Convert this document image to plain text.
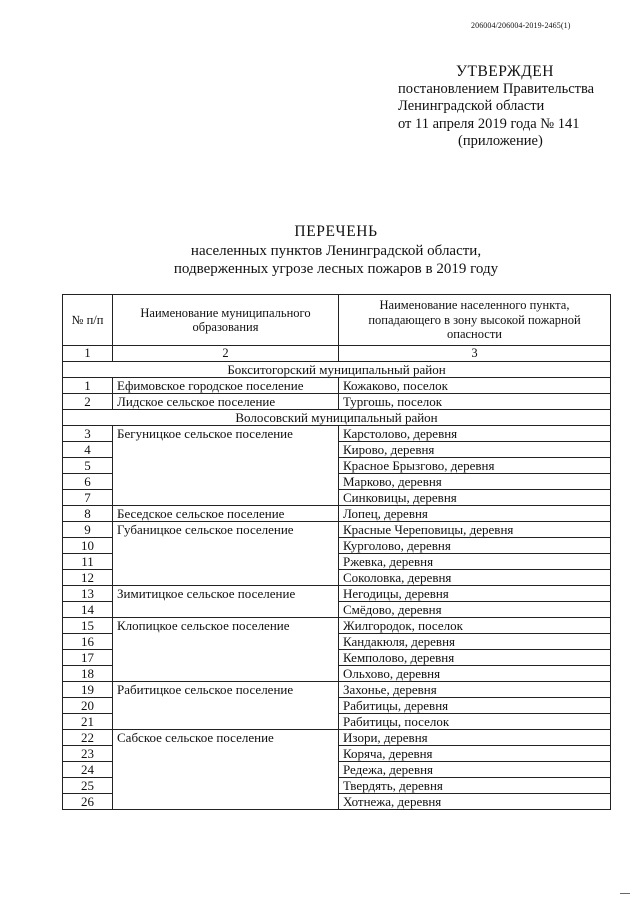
206004/206004-2019-2465(1)
УТВЕРЖДЕН
постановлением Правительства
Ленинградской области
от 11 апреля 2019 года № 141
(приложение)
ПЕРЕЧЕНЬ
населенных пунктов Ленинградской области,
подверженных угрозе лесных пожаров в 2019 году
№ п/п	Наименование муниципального образования	Наименование населенного пункта, попадающего в зону высокой пожарной опасности
1	2	3
Бокситогорский муниципальный район		
1	Ефимовское городское поселение	Кожаково, поселок
2	Лидское сельское поселение	Тургошь, поселок
Волосовский муниципальный район		
3	Бегуницкое сельское поселение	Карстолово, деревня
4		Кирово, деревня
5		Красное Брызгово, деревня
6		Марково, деревня
7		Синковицы, деревня
8	Беседское сельское поселение	Лопец, деревня
9	Губаницкое сельское поселение	Красные Череповицы, деревня
10		Курголово, деревня
11		Ржевка, деревня
12		Соколовка, деревня
13	Зимитицкое сельское поселение	Негодицы, деревня
14		Смёдово, деревня
15	Клопицкое сельское поселение	Жилгородок, поселок
16		Кандакюля, деревня
17		Кемполово, деревня
18		Ольхово, деревня
19	Рабитицкое сельское поселение	Захонье, деревня
20		Рабитицы, деревня
21		Рабитицы, поселок
22	Сабское сельское поселение	Изори, деревня
23		Коряча, деревня
24		Редежа, деревня
25		Твердять, деревня
26		Хотнежа, деревня
